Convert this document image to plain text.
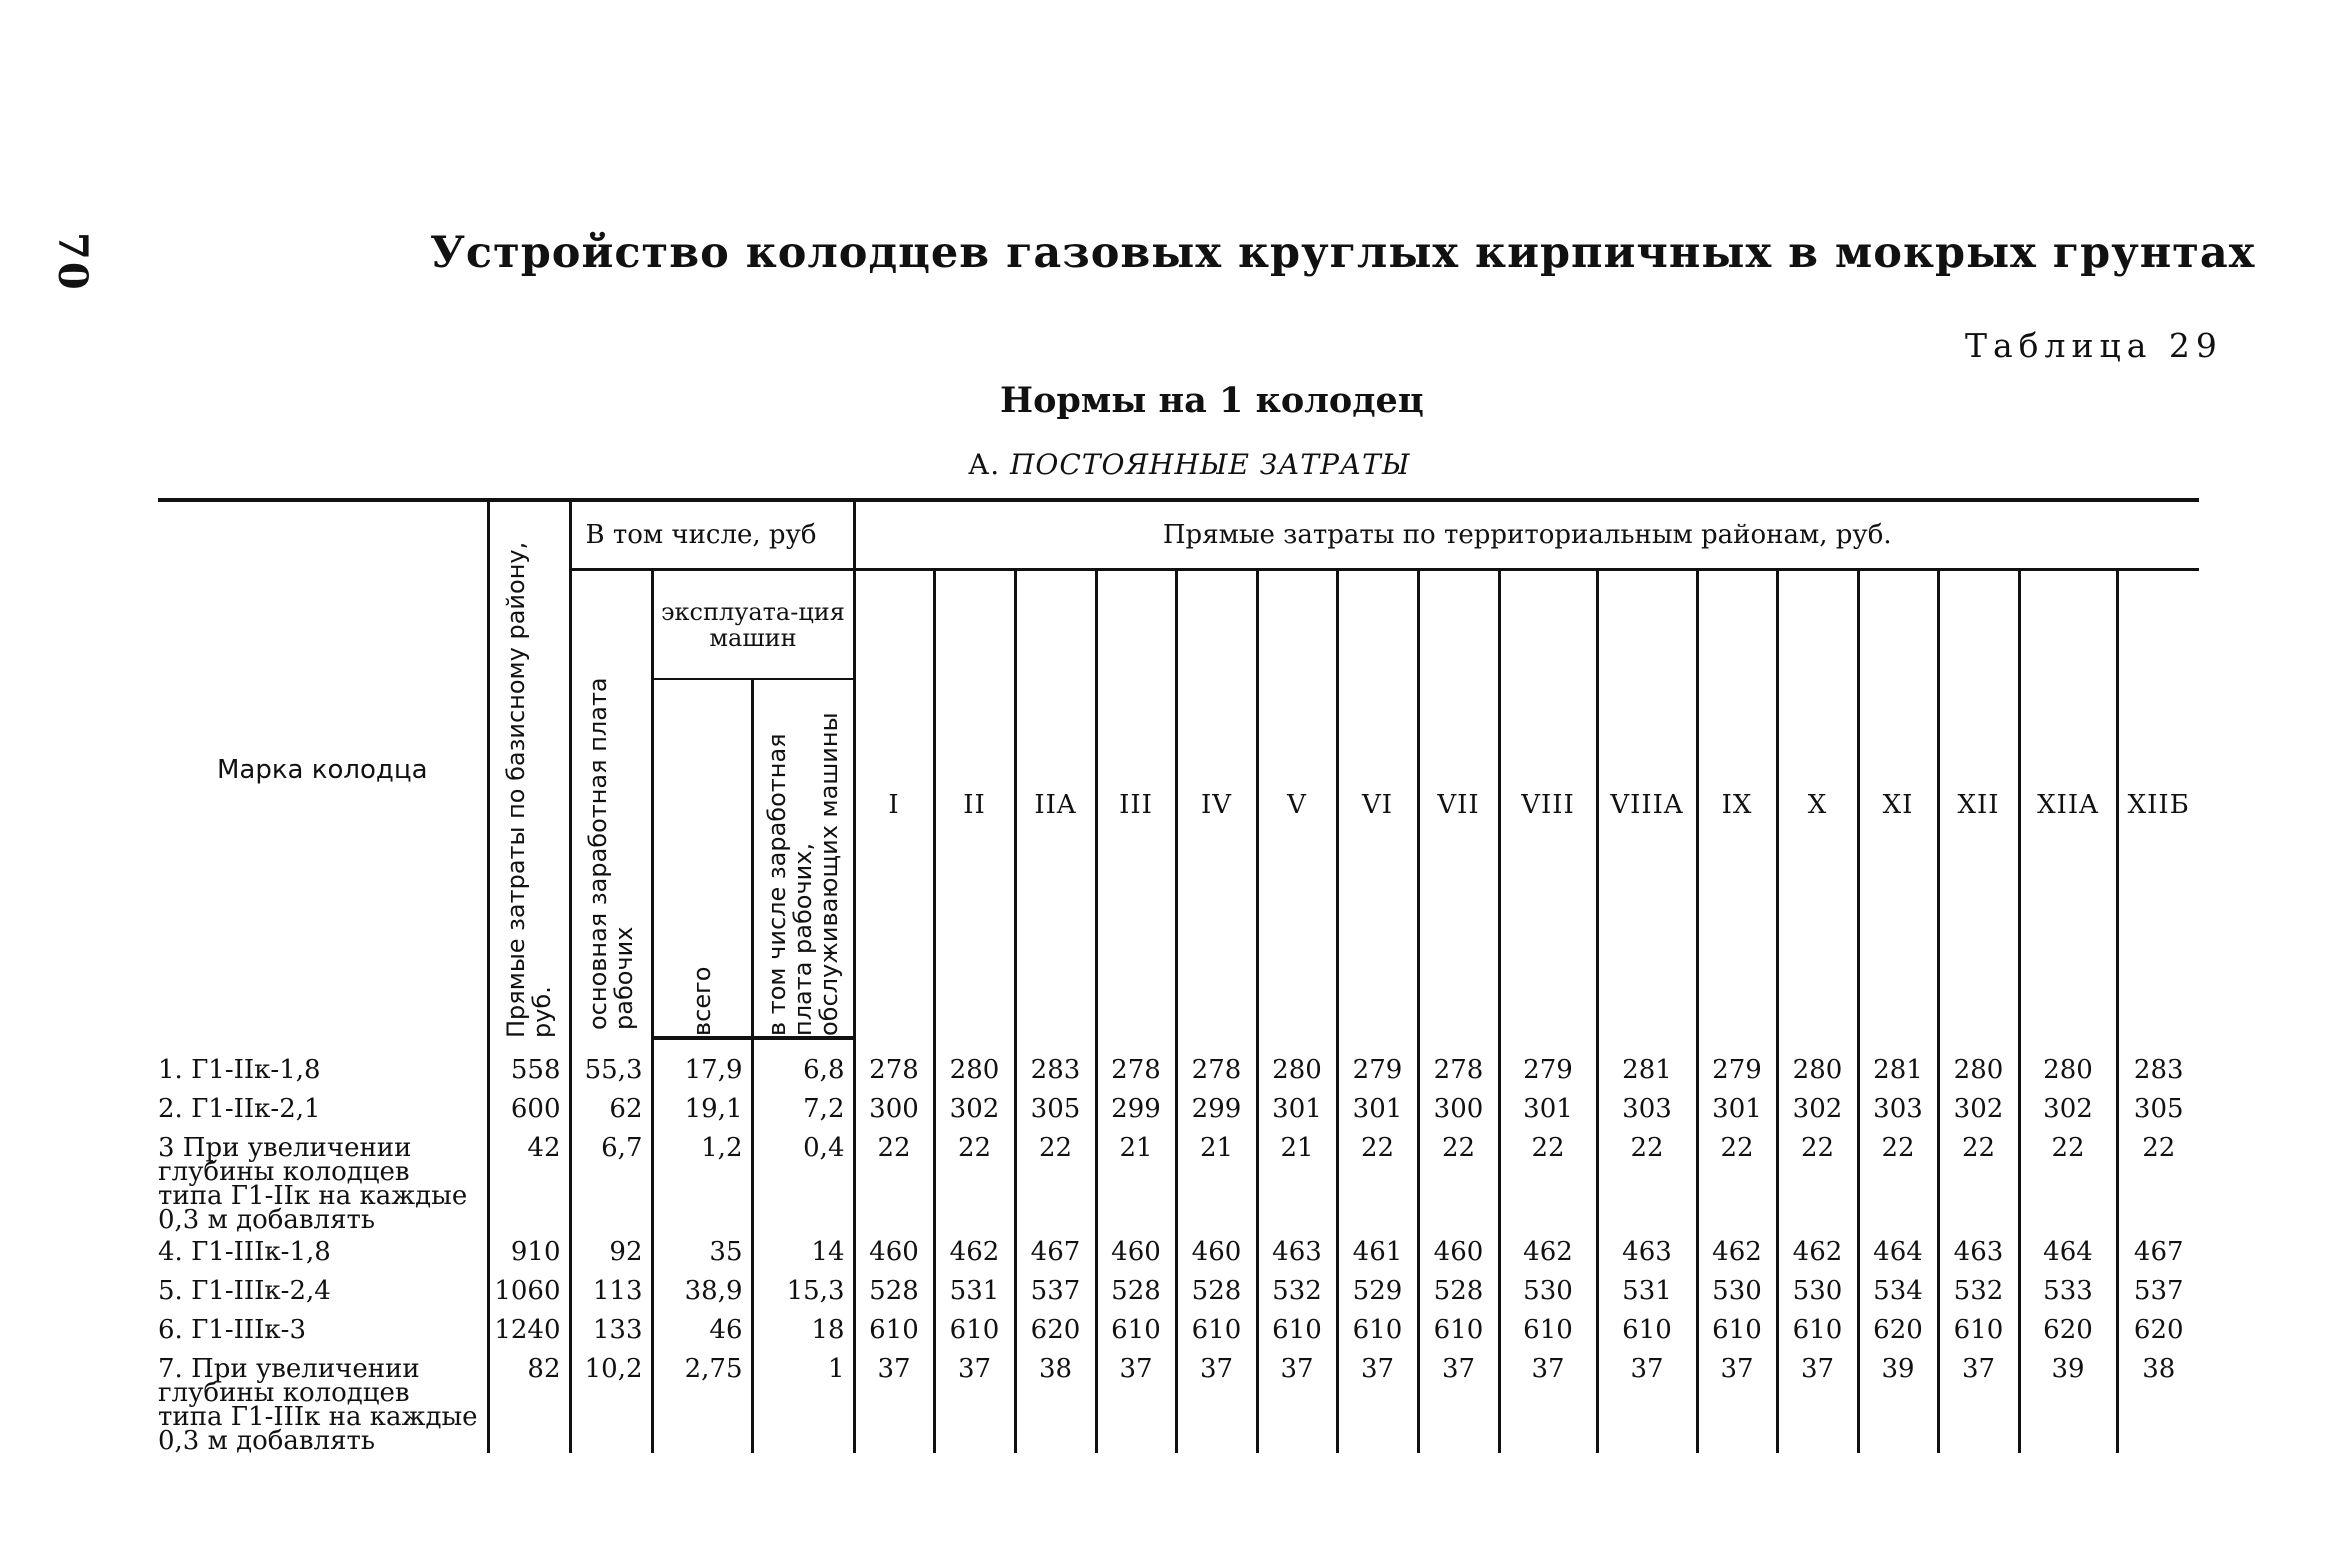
70	Устройство колодцев газовых круглых кирпичных в мокрых грунтах
Таблица 29
Нормы на 1 колодец
А. ПОСТОЯННЫЕ ЗАТРАТЫ
Марка колодца	Прямые затраты по базисному району, руб.	В том числе, руб			Прямые затраты по территориальным районам, руб.															

		основная заработная плата рабочих	эксплуата-ция машин		I	II	IIA	III	IV	V	VI	VII	VIII	VIIIA	IX	X	XI	XII	XIIA	XIIБ

			всего	в том числе заработная плата рабочих, обслуживающих машины																

1. Г1-IIк-1,8	558	55,3	17,9	6,8	278	280	283	278	278	280	279	278	279	281	279	280	281	280	280	283
2. Г1-IIк-2,1	600	62	19,1	7,2	300	302	305	299	299	301	301	300	301	303	301	302	303	302	302	305

3 При увеличении глубины колодцев типа Г1-IIк на каждые 0,3 м добавлять	42	6,7	1,2	0,4	22	22	22	21	21	21	22	22	22	22	22	22	22	22	22	22
4. Г1-IIIк-1,8	910	92	35	14	460	462	467	460	460	463	461	460	462	463	462	462	464	463	464	467
5. Г1-IIIк-2,4	1060	113	38,9	15,3	528	531	537	528	528	532	529	528	530	531	530	530	534	532	533	537
6. Г1-IIIк-3	1240	133	46	18	610	610	620	610	610	610	610	610	610	610	610	610	620	610	620	620

7. При увеличении глубины колодцев типа Г1-IIIк на каждые 0,3 м добавлять	82	10,2	2,75	1	37	37	38	37	37	37	37	37	37	37	37	37	39	37	39	38
